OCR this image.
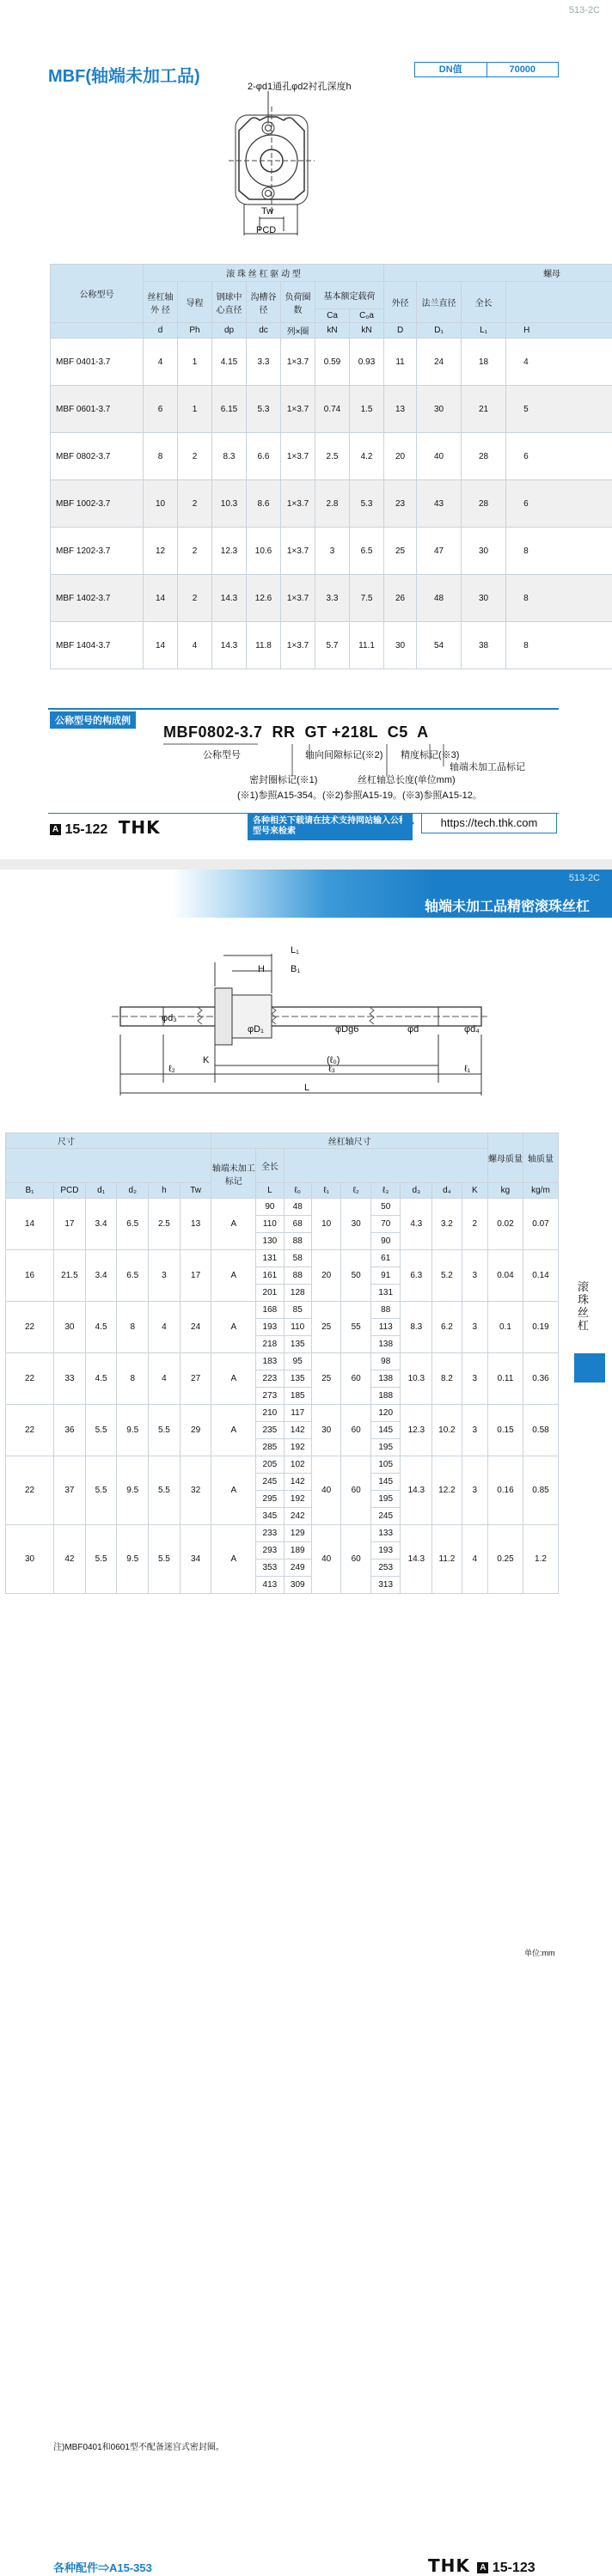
513-2C
MBF(轴端未加工品)	DN值	70000
2-φd1通孔φd2衬孔深度h
Tw
PCD
公称型号	滚 珠 丝 杠 驱 动 型							螺母			
	丝杠轴外 径	导程	钢球中心直径	沟槽谷径	负荷圈数	基本额定载荷		外径	法兰直径	全长	
						Ca	C₀a				
	d	Ph	dp	dc	列×圈	kN	kN	D	D₁	L₁	H
MBF 0401-3.7	4	1	4.15	3.3	1×3.7	0.59	0.93	11	24	18	4
MBF 0601-3.7	6	1	6.15	5.3	1×3.7	0.74	1.5	13	30	21	5
MBF 0802-3.7	8	2	8.3	6.6	1×3.7	2.5	4.2	20	40	28	6
MBF 1002-3.7	10	2	10.3	8.6	1×3.7	2.8	5.3	23	43	28	6
MBF 1202-3.7	12	2	12.3	10.6	1×3.7	3	6.5	25	47	30	8
MBF 1402-3.7	14	2	14.3	12.6	1×3.7	3.3	7.5	26	48	30	8
MBF 1404-3.7	14	4	14.3	11.8	1×3.7	5.7	11.1	30	54	38	8
公称型号的构成例
MBF0802-3.7  RR  GT +218L  C5  A
公称型号	轴向间隙标记(※2) 精度标记(※3)
轴端未加工品标记
密封圈标记(※1)	丝杠轴总长度(单位mm)
(※1)参照A15-354。(※2)参照A15-19。(※3)参照A15-12。
A 15-122 THK	各种相关下载请在技术支持网站输入公称型号来检索
https://tech.thk.com
513-2C
轴端未加工品精密滚珠丝杠
滚珠丝杠
L₁
H	B₁
φd₃
φD₁	φDg6	φd	φd₄
K	(ℓ₀)
ℓ₂	ℓ₃	ℓ₁
L
单位:mm
尺寸						丝杠轴尺寸									螺母质量	轴质量
						轴端未加工标记	全长									
B₁	PCD	d₁	d₂	h	Tw		L	ℓ₀	ℓ₁	ℓ₂	ℓ₃	d₃	d₄	K	kg	kg/m
14	17	3.4	6.5	2.5	13	A	90	48	10	30	50	4.3	3.2	2	0.02	0.07
							110	68			70					
							130	88			90					
16	21.5	3.4	6.5	3	17	A	131	58	20	50	61	6.3	5.2	3	0.04	0.14
							161	88			91					
							201	128			131					
22	30	4.5	8	4	24	A	168	85	25	55	88	8.3	6.2	3	0.1	0.19
							193	110			113					
							218	135			138					
22	33	4.5	8	4	27	A	183	95	25	60	98	10.3	8.2	3	0.11	0.36
							223	135			138					
							273	185			188					
22	36	5.5	9.5	5.5	29	A	210	117	30	60	120	12.3	10.2	3	0.15	0.58
							235	142			145					
							285	192			195					
22	37	5.5	9.5	5.5	32	A	205	102	40	60	105	14.3	12.2	3	0.16	0.85
							245	142			145					
							295	192			195					
							345	242			245					
30	42	5.5	9.5	5.5	34	A	233	129	40	60	133	14.3	11.2	4	0.25	1.2
							293	189			193					
							353	249			253					
							413	309			313					
注)MBF0401和0601型不配备迷宫式密封圈。
各种配件⇒A15-353	THK A 15-123
